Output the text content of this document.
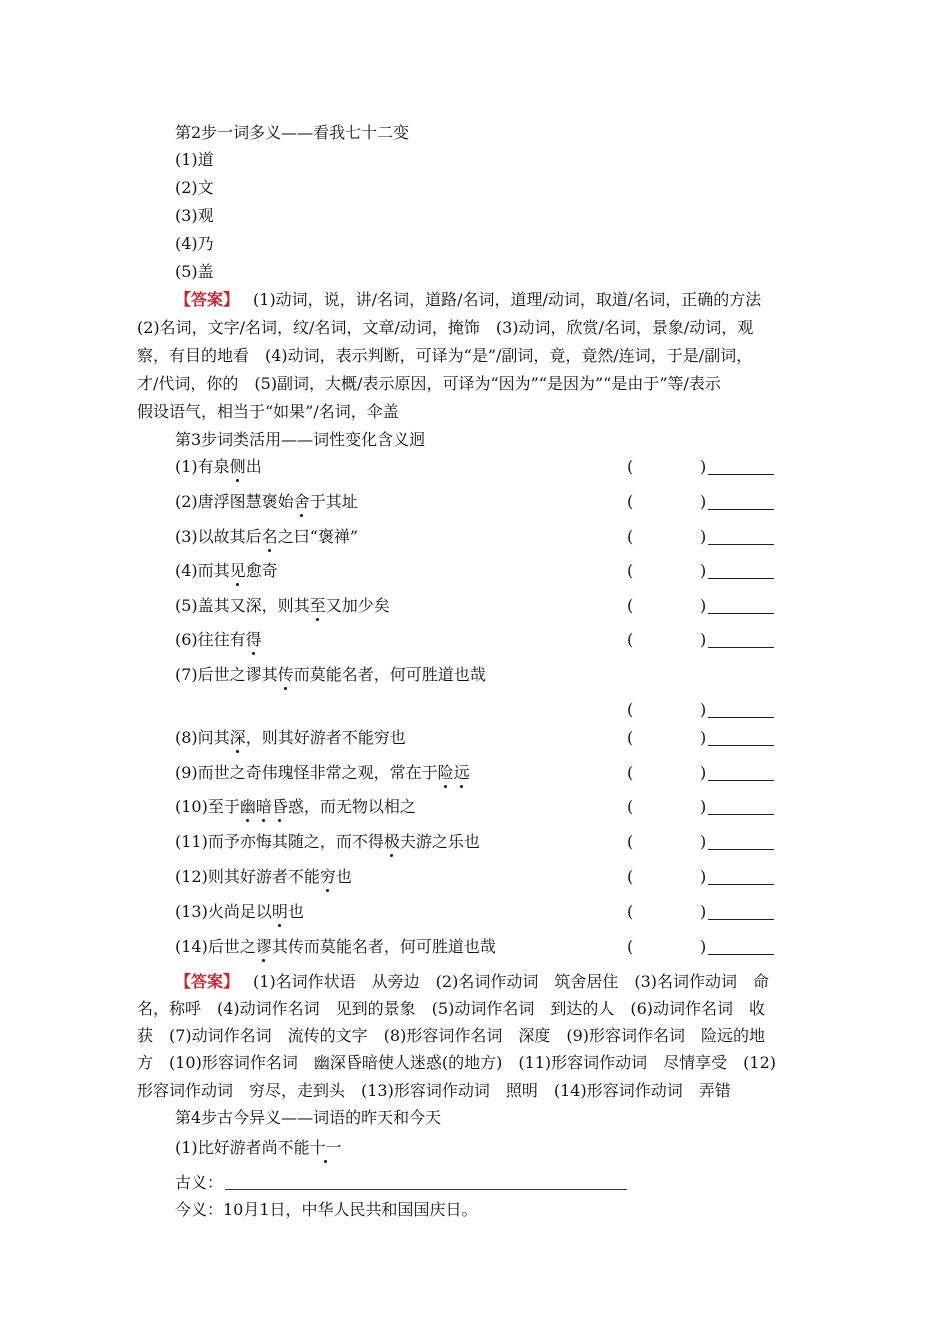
第2步一词多义——看我七十二变
(1)道
(2)文
(3)观
(4)乃
(5)盖
【答案】 (1)动词，说，讲/名词，道路/名词，道理/动词，取道/名词，正确的方法
(2)名词，文字/名词，纹/名词，文章/动词，掩饰　(3)动词，欣赏/名词，景象/动词，观
察，有目的地看　(4)动词，表示判断，可译为“是”/副词，竟，竟然/连词，于是/副词，
才/代词，你的　(5)副词，大概/表示原因，可译为“因为”“是因为”“是由于”等/表示
假设语气，相当于“如果”/名词，伞盖
第3步词类活用——词性变化含义迥
(1)有泉侧出	(	)
(2)唐浮图慧褒始舍于其址	(	)
(3)以故其后名之曰“褒禅”	(	)
(4)而其见愈奇	(	)
(5)盖其又深，则其至又加少矣	(	)
(6)往往有得	(	)
(7)后世之谬其传而莫能名者，何可胜道也哉
(	)
(8)问其深，则其好游者不能穷也	(	)
(9)而世之奇伟瑰怪非常之观，常在于险远	(	)
(10)至于幽暗昏惑，而无物以相之	(	)
(11)而予亦悔其随之，而不得极夫游之乐也	(	)
(12)则其好游者不能穷也	(	)
(13)火尚足以明也	(	)
(14)后世之谬其传而莫能名者，何可胜道也哉	(	)
【答案】 (1)名词作状语　从旁边　(2)名词作动词　筑舍居住　(3)名词作动词　命
名，称呼　(4)动词作名词　见到的景象　(5)动词作名词　到达的人　(6)动词作名词　收
获　(7)动词作名词　流传的文字　(8)形容词作名词　深度　(9)形容词作名词　险远的地
方　(10)形容词作名词　幽深昏暗使人迷惑(的地方)　(11)形容词作动词　尽情享受　(12)
形容词作动词　穷尽，走到头　(13)形容词作动词　照明　(14)形容词作动词　弄错
第4步古今异义——词语的昨天和今天
(1)比好游者尚不能十一
古义：
今义：10月1日，中华人民共和国国庆日。
